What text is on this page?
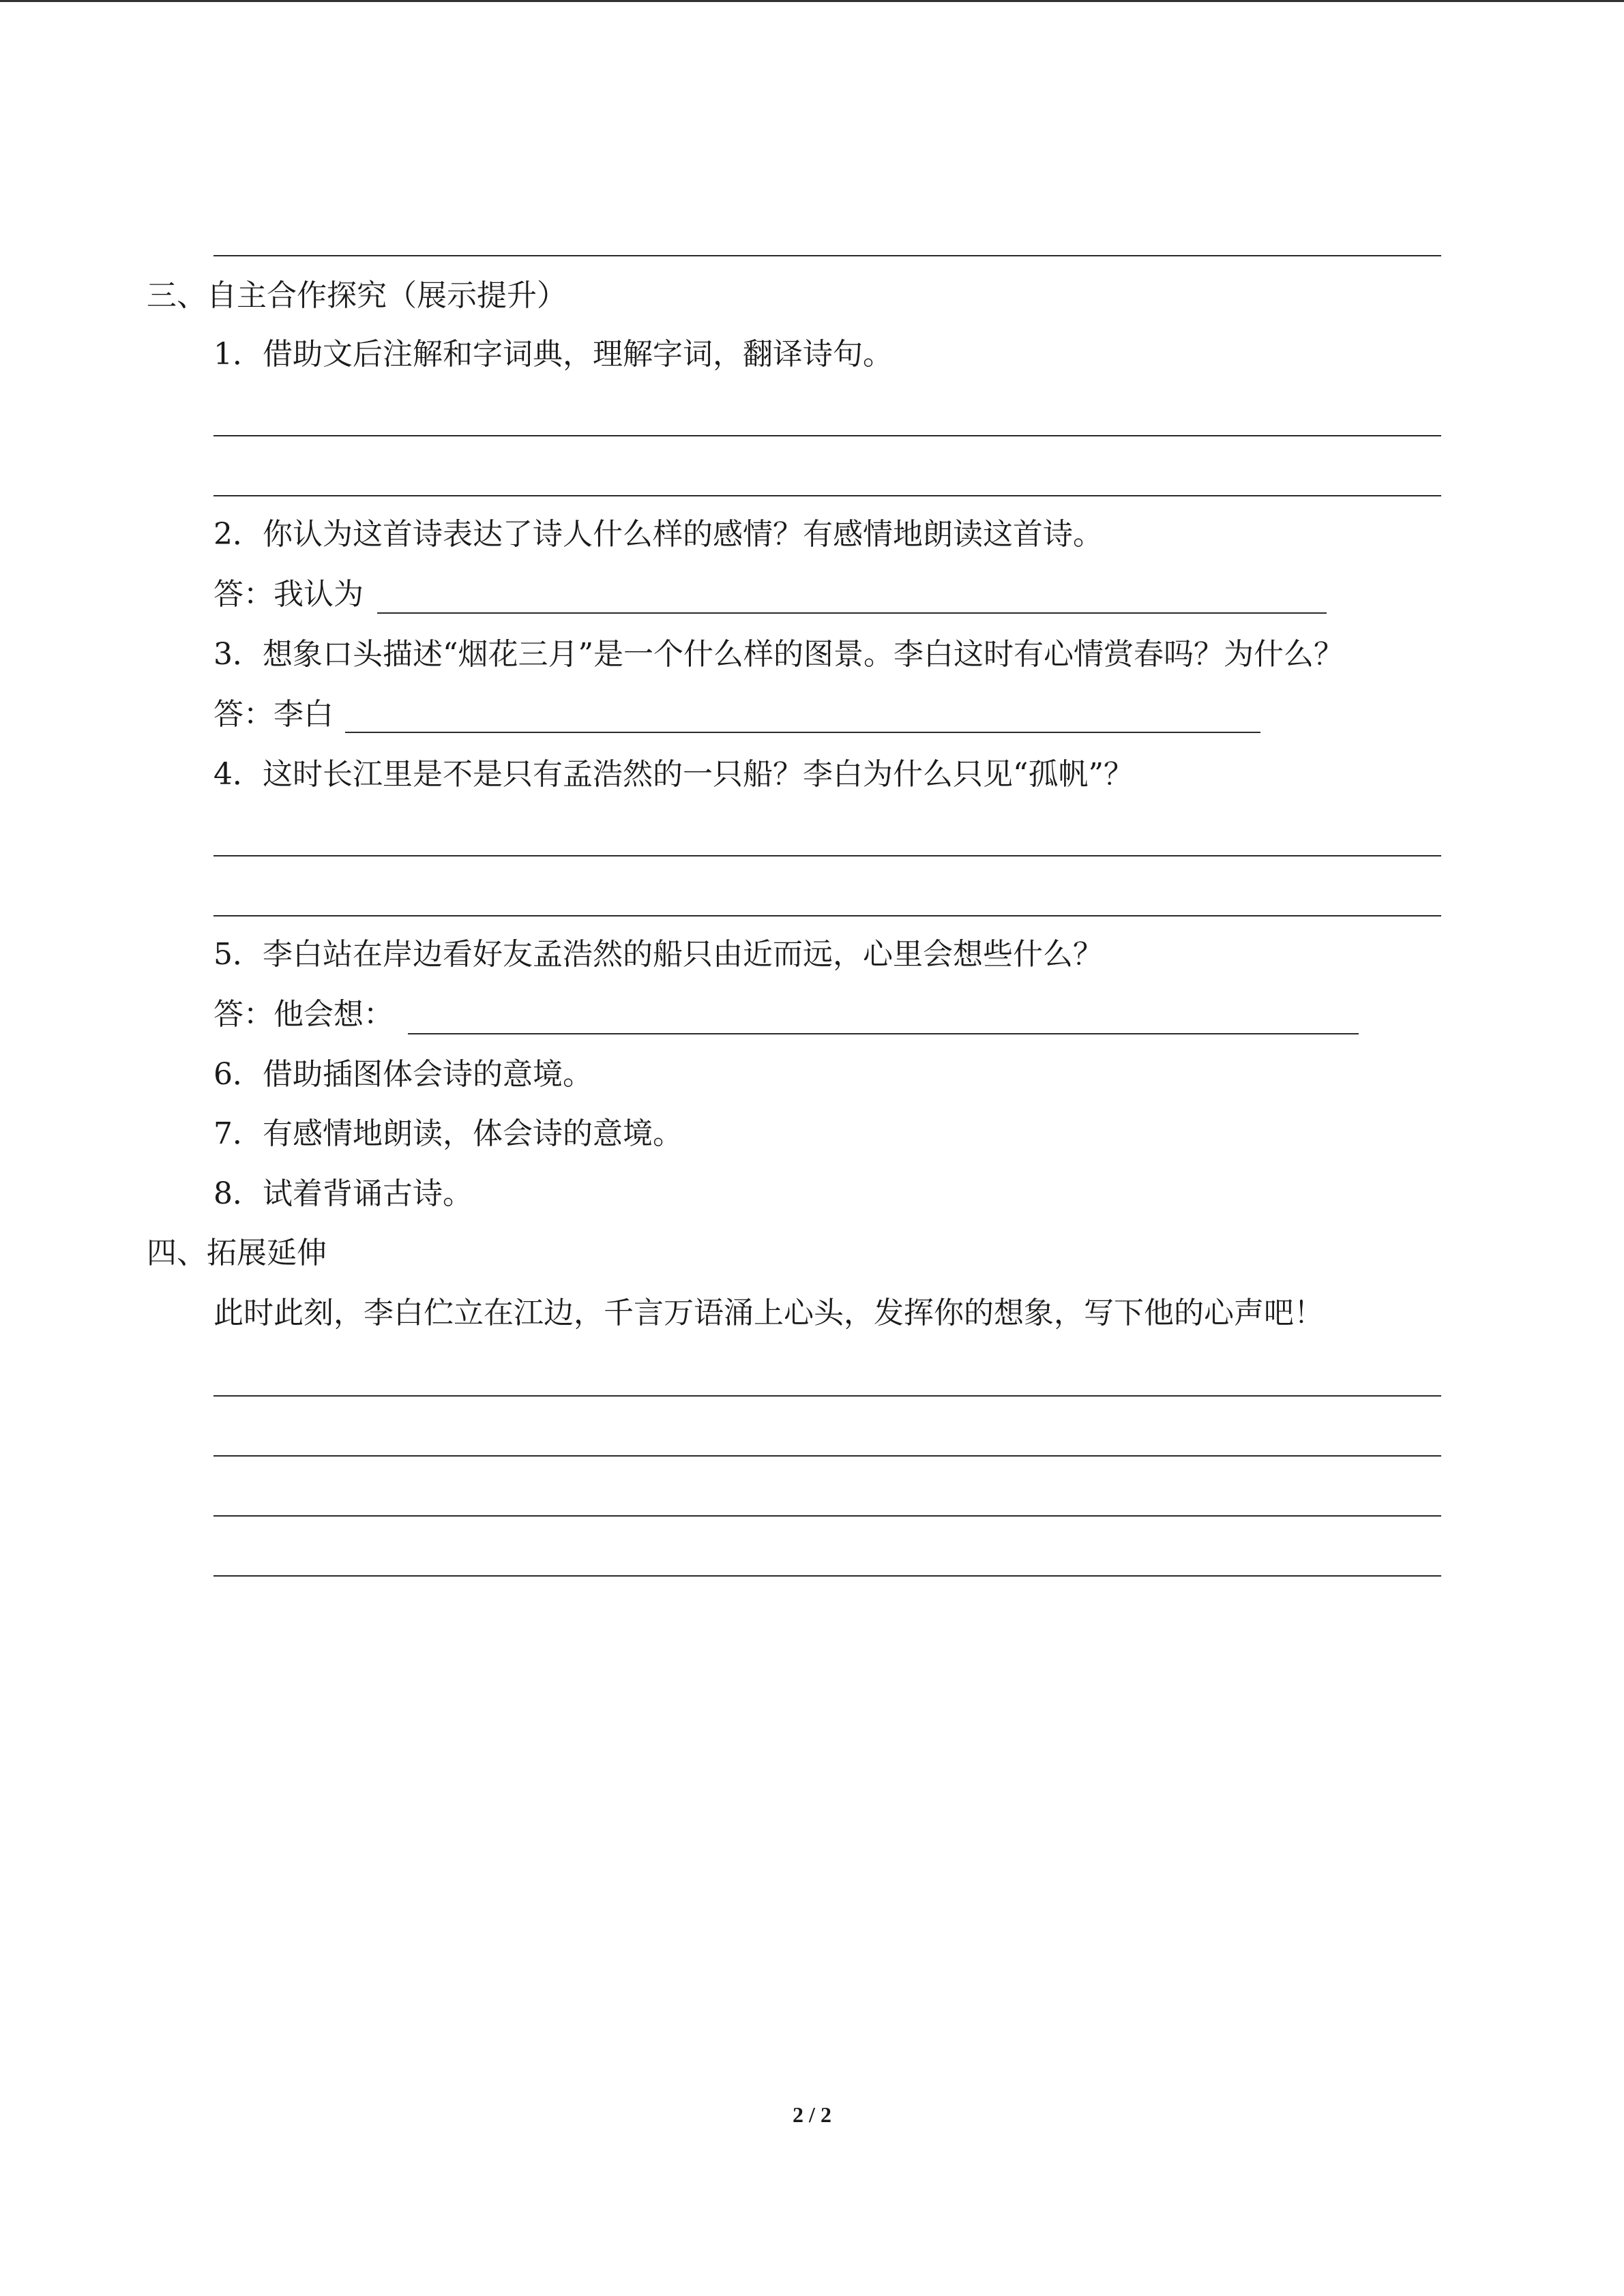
三、自主合作探究（展示提升）
1．借助文后注解和字词典，理解字词，翻译诗句。
2．你认为这首诗表达了诗人什么样的感情？有感情地朗读这首诗。
答：我认为
3．想象口头描述“烟花三月”是一个什么样的图景。李白这时有心情赏春吗？为什么？
答：李白
4．这时长江里是不是只有孟浩然的一只船？李白为什么只见“孤帆”？
5．李白站在岸边看好友孟浩然的船只由近而远，心里会想些什么？
答：他会想：
6．借助插图体会诗的意境。
7．有感情地朗读，体会诗的意境。
8．试着背诵古诗。
四、拓展延伸
此时此刻，李白伫立在江边，千言万语涌上心头，发挥你的想象，写下他的心声吧！
2 / 2
